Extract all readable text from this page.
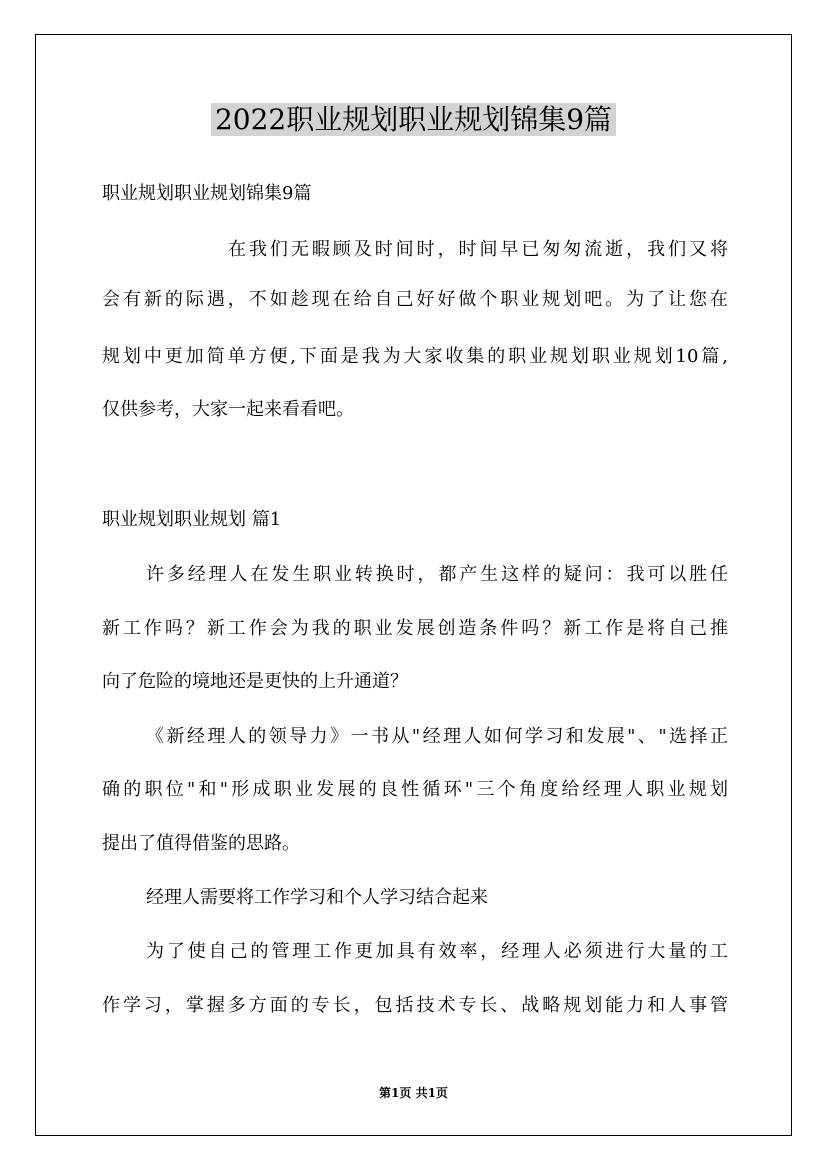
2022职业规划职业规划锦集9篇

职业规划职业规划锦集9篇

在我们无暇顾及时间时，时间早已匆匆流逝，我们又将

会有新的际遇，不如趁现在给自己好好做个职业规划吧。为了让您在

规划中更加简单方便,下面是我为大家收集的职业规划职业规划10篇,

仅供参考，大家一起来看看吧。

职业规划职业规划 篇1

许多经理人在发生职业转换时，都产生这样的疑问：我可以胜任

新工作吗？新工作会为我的职业发展创造条件吗？新工作是将自己推

向了危险的境地还是更快的上升通道？

《新经理人的领导力》一书从"经理人如何学习和发展"、"选择正

确的职位"和"形成职业发展的良性循环"三个角度给经理人职业规划

提出了值得借鉴的思路。

经理人需要将工作学习和个人学习结合起来

为了使自己的管理工作更加具有效率，经理人必须进行大量的工

作学习，掌握多方面的专长，包括技术专长、战略规划能力和人事管

第1页 共1页
